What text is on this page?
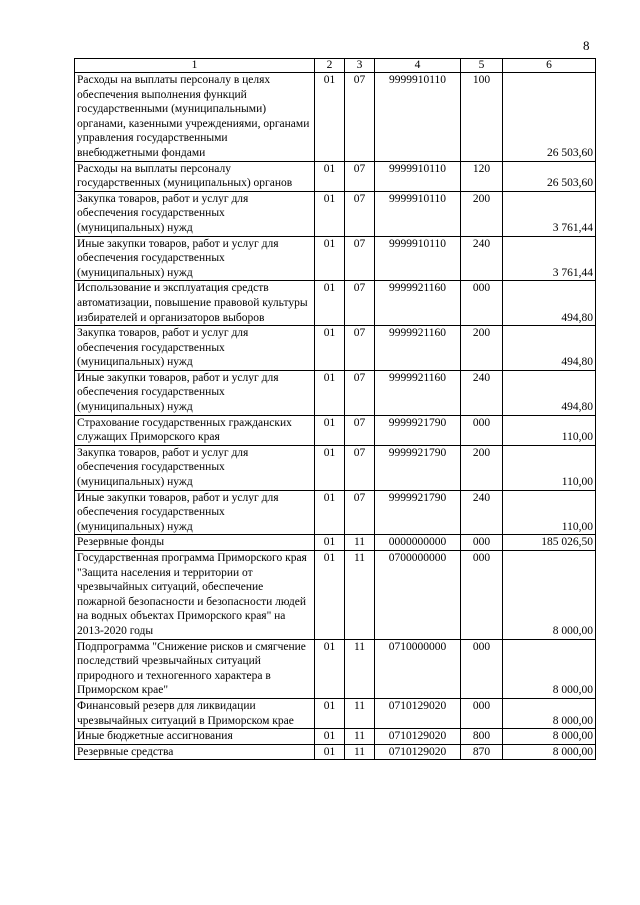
8
1	2	3	4	5	6
Расходы на выплаты персоналу в целях обеспечения выполнения функций государственными (муниципальными) органами, казенными учреждениями, органами управления государственными внебюджетными фондами	01	07	9999910110	100	26 503,60
Расходы на выплаты персоналу государственных (муниципальных) органов	01	07	9999910110	120	26 503,60
Закупка товаров, работ и услуг для обеспечения государственных (муниципальных) нужд	01	07	9999910110	200	3 761,44
Иные закупки товаров, работ и услуг для обеспечения государственных (муниципальных) нужд	01	07	9999910110	240	3 761,44
Использование и эксплуатация средств автоматизации, повышение правовой культуры избирателей и организаторов выборов	01	07	9999921160	000	494,80
Закупка товаров, работ и услуг для обеспечения государственных (муниципальных) нужд	01	07	9999921160	200	494,80
Иные закупки товаров, работ и услуг для обеспечения государственных (муниципальных) нужд	01	07	9999921160	240	494,80
Страхование государственных гражданских служащих Приморского края	01	07	9999921790	000	110,00
Закупка товаров, работ и услуг для обеспечения государственных (муниципальных) нужд	01	07	9999921790	200	110,00
Иные закупки товаров, работ и услуг для обеспечения государственных (муниципальных) нужд	01	07	9999921790	240	110,00
Резервные фонды	01	11	0000000000	000	185 026,50
Государственная программа Приморского края "Защита населения и территории от чрезвычайных ситуаций, обеспечение пожарной безопасности и безопасности людей на водных объектах Приморского края" на 2013-2020 годы	01	11	0700000000	000	8 000,00
Подпрограмма "Снижение рисков и смягчение последствий чрезвычайных ситуаций природного и техногенного характера в Приморском крае"	01	11	0710000000	000	8 000,00
Финансовый резерв для ликвидации чрезвычайных ситуаций в Приморском крае	01	11	0710129020	000	8 000,00
Иные бюджетные ассигнования	01	11	0710129020	800	8 000,00
Резервные средства	01	11	0710129020	870	8 000,00
